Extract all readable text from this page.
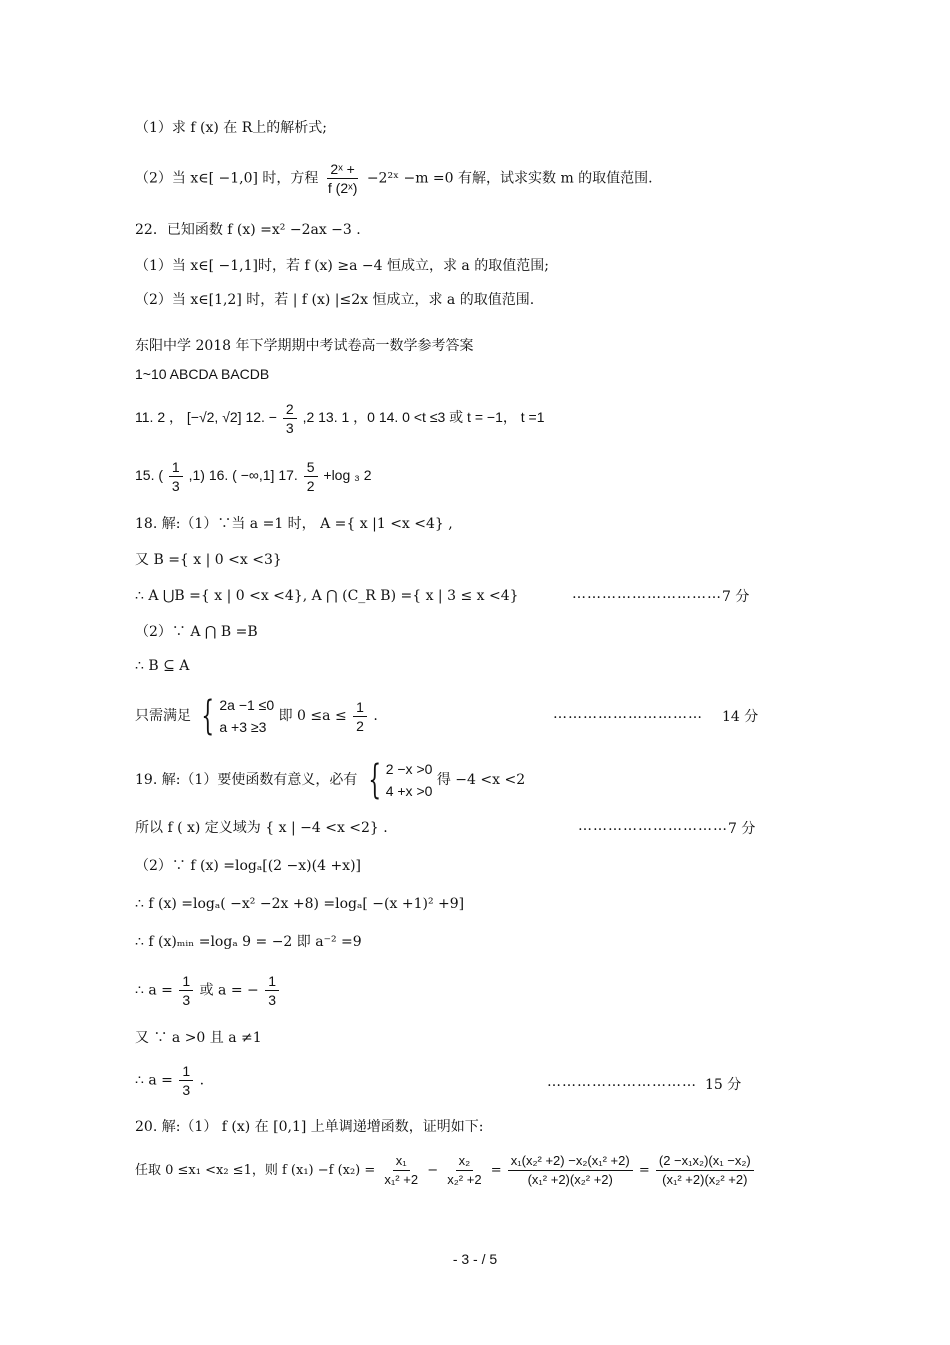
（1）求 f (x) 在 R上的解析式;
（2）当 x∈[ −1,0] 时，方程 $\frac{\text{2ˣ +}}{\text{f (2ˣ)}}$ −2²ˣ −m =0 有解，试求实数 m 的取值范围.
22．已知函数 f (x) =x² −2ax −3 .
（1）当 x∈[ −1,1]时，若 f (x) ≥a −4 恒成立，求 a 的取值范围;
（2）当 x∈[1,2] 时，若 | f (x) |≤2x 恒成立，求 a 的取值范围.
东阳中学 2018 年下学期期中考试卷高一数学参考答案
1~10 ABCDA BACDB
11. 2 ， [−√2, √2] 12. − $\frac{2}{3} ,2$ 13. 1 ，0 14. 0 <t ≤3 或 t = −1， t =1
15. ( $\frac{1}{3} ,1$) 16. ( −∞,1] 17. $\frac{5}{2} +\log$ ₃ 2
18. 解:（1）∵当 a =1 时， A ={ x |1 <x <4} ,
又 B ={ x | 0 <x <3}
∴ A ⋃B ={ x | 0 <x <4}, A ⋂ (C_R B) ={ x | 3 ≤ x <4}	………………………… 7 分
（2）∵ A ⋂ B =B
∴ B ⊆ A
只需满足 { 2a −1 ≤0
a +3 ≥3
即 $0 \le a \le \frac{1}{2}$ .	………………………… 14 分
19. 解:（1）要使函数有意义，必有 { 2 −x >0
4 +x >0
得 −4 <x <2
所以 f ( x) 定义域为 { x | −4 <x <2} .	………………………… 7 分
（2）∵ f (x) =logₐ[(2 −x)(4 +x)]
∴ f (x) =logₐ( −x² −2x +8) =logₐ[ −(x +1)² +9]
∴ f (x)ₘᵢₙ =logₐ 9 = −2 即 a⁻² =9
∴ $a = \frac{1}{3}$ 或 a = − $\frac{1}{3}$
又 ∵ a >0 且 a ≠1
∴ $a = \frac{1}{3}$ .	………………………… 15 分
20. 解:（1） f (x) 在 [0,1] 上单调递增函数，证明如下:
任取 0 ≤x₁ <x₂ ≤1，则 f (x₁) −f $(x_2) = \frac{\text{x₁}}{\text{x₁² +2}} - \frac{\text{x₂}}{\text{x₂² +2}} = \frac{\text{x₁(x₂² +2) −x₂(x₁² +2)}}{\text{(x₁² +2)(x₂² +2)}} = \frac{\text{(2 −x₁x₂)(x₁ −x₂)}}{\text{(x₁² +2)(x₂² +2)}}$
- 3 - / 5
